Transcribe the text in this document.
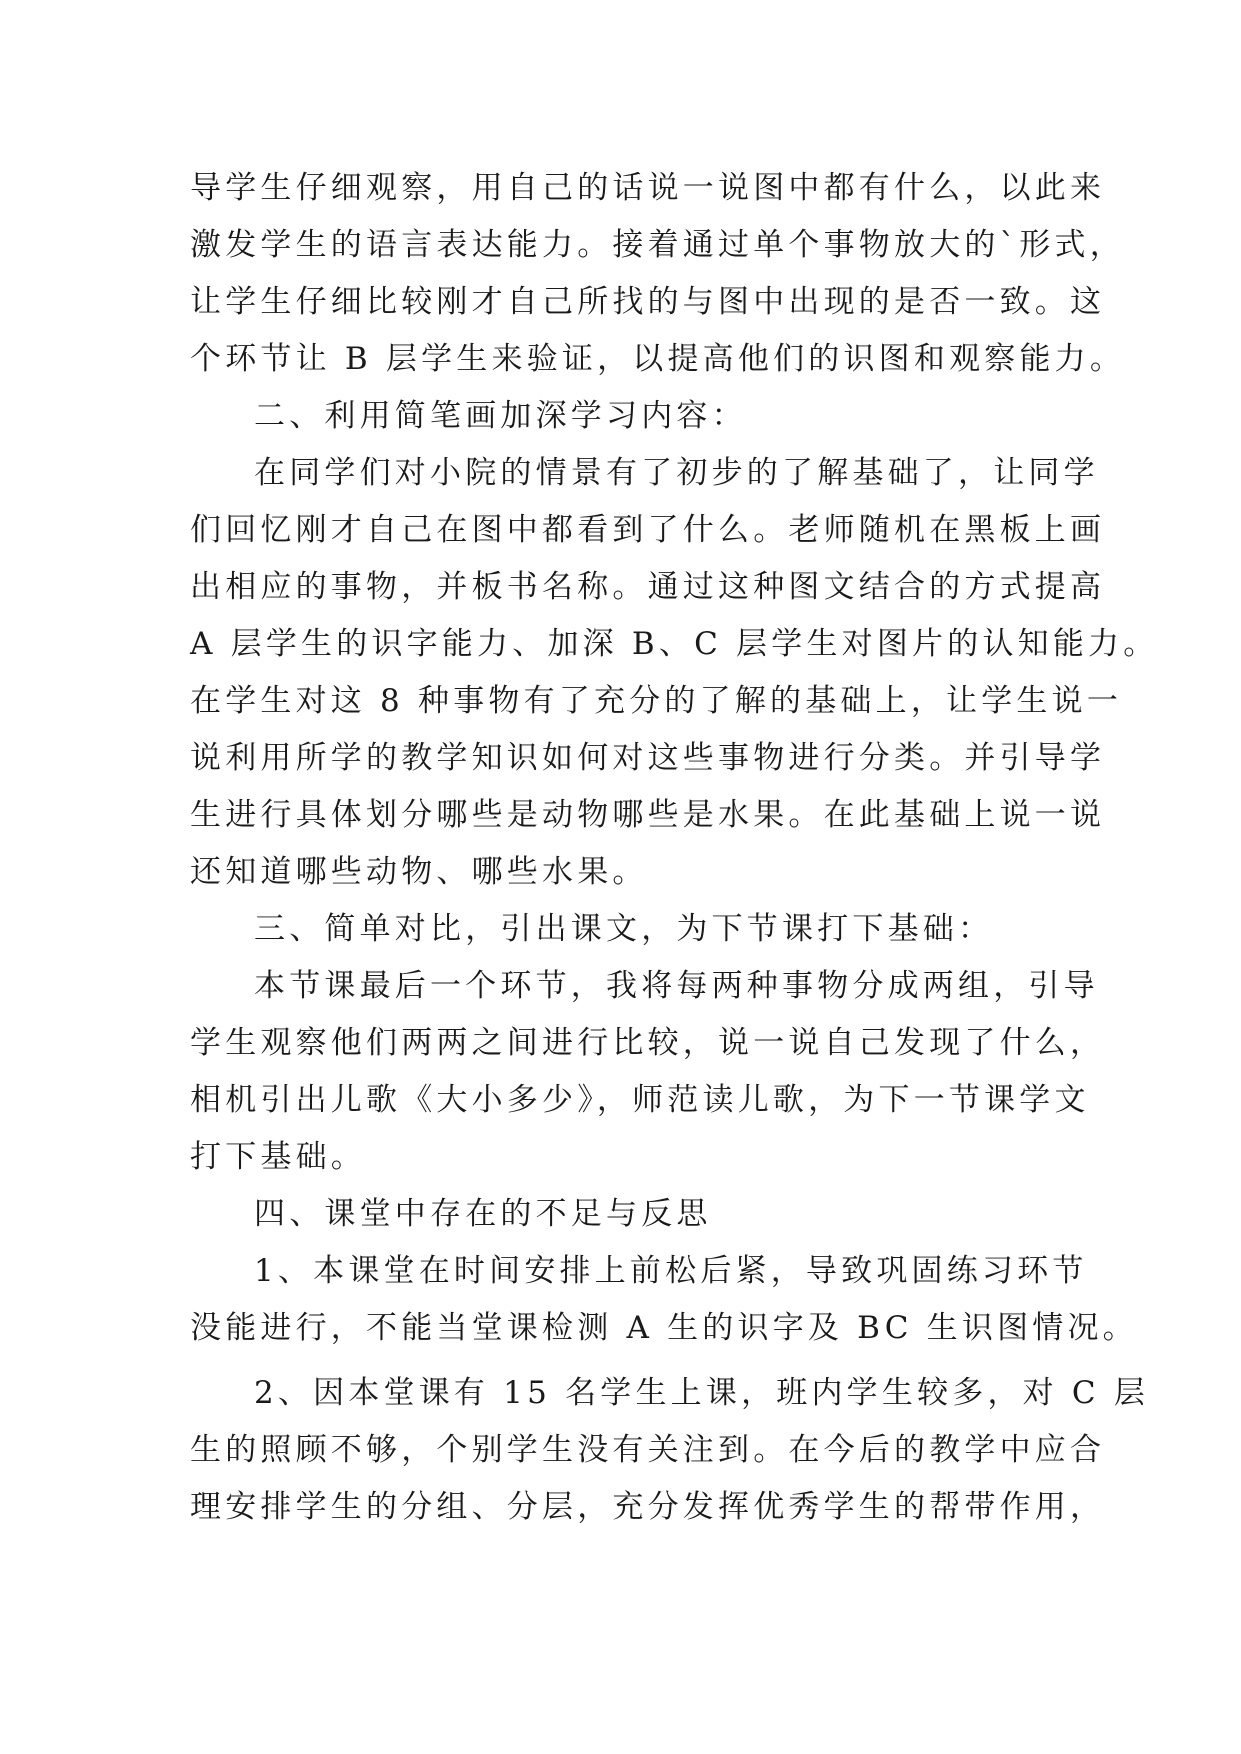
导学生仔细观察，用自己的话说一说图中都有什么，以此来
激发学生的语言表达能力。接着通过单个事物放大的`形式，
让学生仔细比较刚才自己所找的与图中出现的是否一致。这
个环节让 B 层学生来验证，以提高他们的识图和观察能力。
二、利用简笔画加深学习内容：
在同学们对小院的情景有了初步的了解基础了，让同学
们回忆刚才自己在图中都看到了什么。老师随机在黑板上画
出相应的事物，并板书名称。通过这种图文结合的方式提高
A 层学生的识字能力、加深 B、C 层学生对图片的认知能力。
在学生对这 8 种事物有了充分的了解的基础上，让学生说一
说利用所学的教学知识如何对这些事物进行分类。并引导学
生进行具体划分哪些是动物哪些是水果。在此基础上说一说
还知道哪些动物、哪些水果。
三、简单对比，引出课文，为下节课打下基础：
本节课最后一个环节，我将每两种事物分成两组，引导
学生观察他们两两之间进行比较，说一说自己发现了什么，
相机引出儿歌《大小多少》，师范读儿歌，为下一节课学文
打下基础。
四、课堂中存在的不足与反思
1、本课堂在时间安排上前松后紧，导致巩固练习环节
没能进行，不能当堂课检测 A 生的识字及 BC 生识图情况。
2、因本堂课有 15 名学生上课，班内学生较多，对 C 层
生的照顾不够，个别学生没有关注到。在今后的教学中应合
理安排学生的分组、分层，充分发挥优秀学生的帮带作用，
